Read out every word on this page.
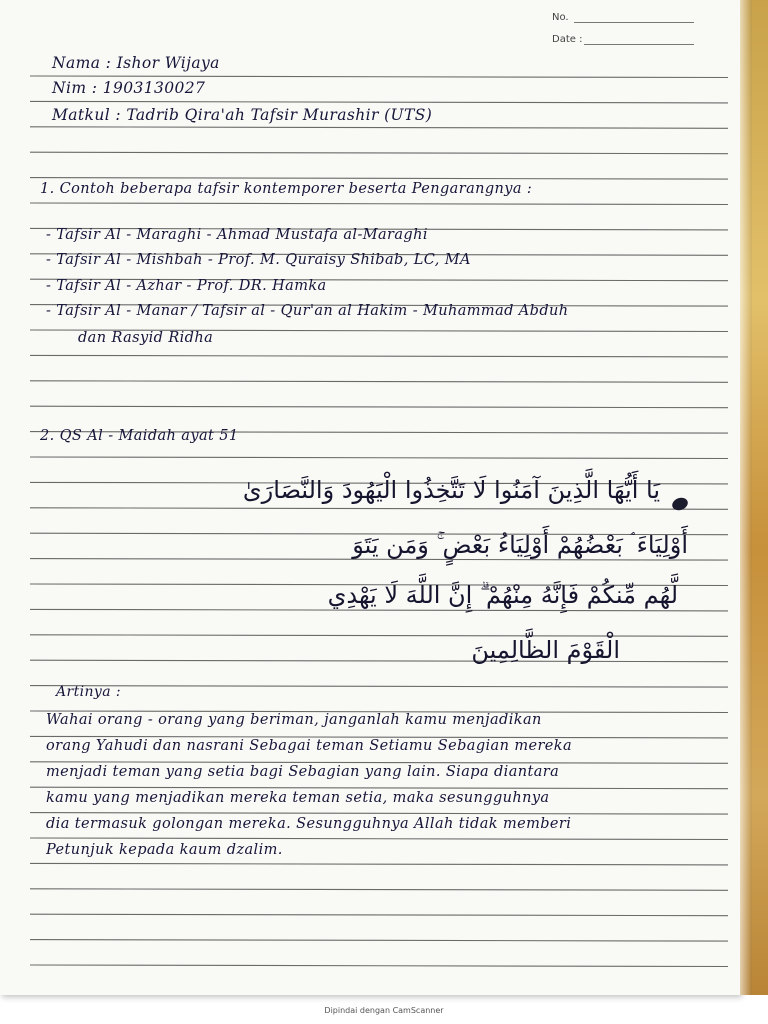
No.
Date :
Nama : Ishor Wijaya
Nim : 1903130027
Matkul : Tadrib Qira'ah Tafsir Murashir (UTS)
1. Contoh beberapa tafsir kontemporer beserta Pengarangnya :
- Tafsir Al - Maraghi - Ahmad Mustafa al-Maraghi
- Tafsir Al - Mishbah - Prof. M. Quraisy Shibab, LC, MA
- Tafsir Al - Azhar - Prof. DR. Hamka
- Tafsir Al - Manar / Tafsir al - Qur'an al Hakim - Muhammad Abduh
dan Rasyid Ridha
2. QS Al - Maidah ayat 51
يَا أَيُّهَا الَّذِينَ آمَنُوا لَا تَتَّخِذُوا الْيَهُودَ وَالنَّصَارَىٰ
أَوْلِيَاءَ ۘ بَعْضُهُمْ أَوْلِيَاءُ بَعْضٍ ۚ وَمَن يَتَوَ
لَّهُم مِّنكُمْ فَإِنَّهُ مِنْهُمْ ۗ إِنَّ اللَّهَ لَا يَهْدِي
الْقَوْمَ الظَّالِمِينَ
Artinya :
Wahai orang - orang yang beriman, janganlah kamu menjadikan
orang Yahudi dan nasrani Sebagai teman Setiamu Sebagian mereka
menjadi teman yang setia bagi Sebagian yang lain. Siapa diantara
kamu yang menjadikan mereka teman setia, maka sesungguhnya
dia termasuk golongan mereka. Sesungguhnya Allah tidak memberi
Petunjuk kepada kaum dzalim.
Dipindai dengan CamScanner
